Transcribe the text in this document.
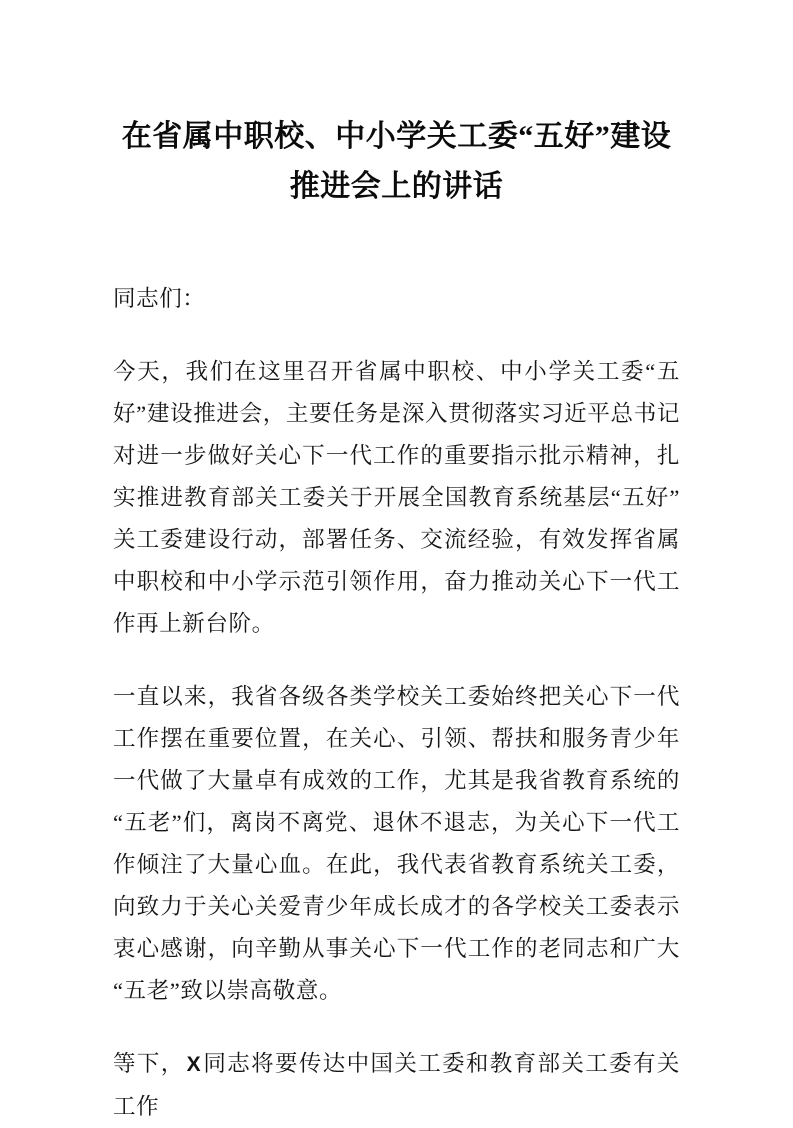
在省属中职校、中小学关工委“五好”建设
推进会上的讲话

同志们：

今天，我们在这里召开省属中职校、中小学关工委“五好”建设推进会，主要任务是深入贯彻落实习近平总书记对进一步做好关心下一代工作的重要指示批示精神，扎实推进教育部关工委关于开展全国教育系统基层“五好”关工委建设行动，部署任务、交流经验，有效发挥省属中职校和中小学示范引领作用，奋力推动关心下一代工作再上新台阶。

一直以来，我省各级各类学校关工委始终把关心下一代工作摆在重要位置，在关心、引领、帮扶和服务青少年一代做了大量卓有成效的工作，尤其是我省教育系统的“五老”们，离岗不离党、退休不退志，为关心下一代工作倾注了大量心血。在此，我代表省教育系统关工委，向致力于关心关爱青少年成长成才的各学校关工委表示衷心感谢，向辛勤从事关心下一代工作的老同志和广大“五老”致以崇高敬意。

等下，X同志将要传达中国关工委和教育部关工委有关工作
